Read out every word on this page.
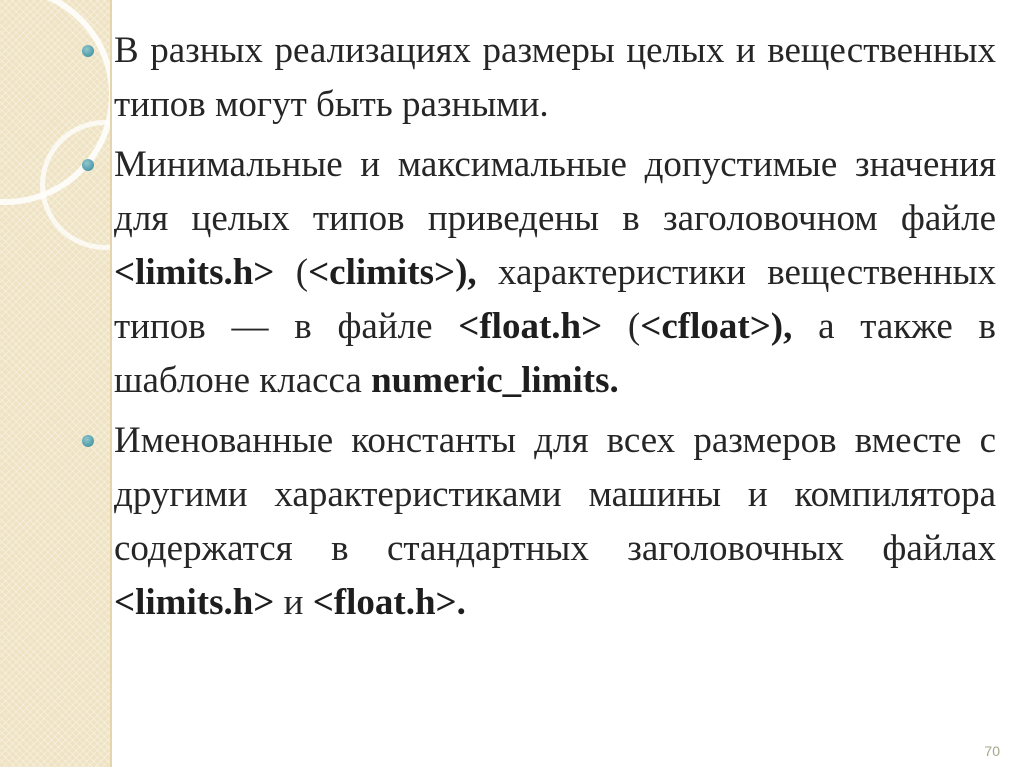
В разных реализациях размеры целых и вещественных типов могут быть разными.

Минимальные и максимальные допустимые значения для целых типов приведены в заголовочном файле <limits.h> (<climits>), характеристики вещественных типов — в файле <float.h> (<cfloat>), а также в шаблоне класса numeric_limits.

Именованные константы для всех размеров вместе с другими характеристиками машины и компилятора содержатся в стандартных заголовочных файлах <limits.h> и <float.h>.

70
